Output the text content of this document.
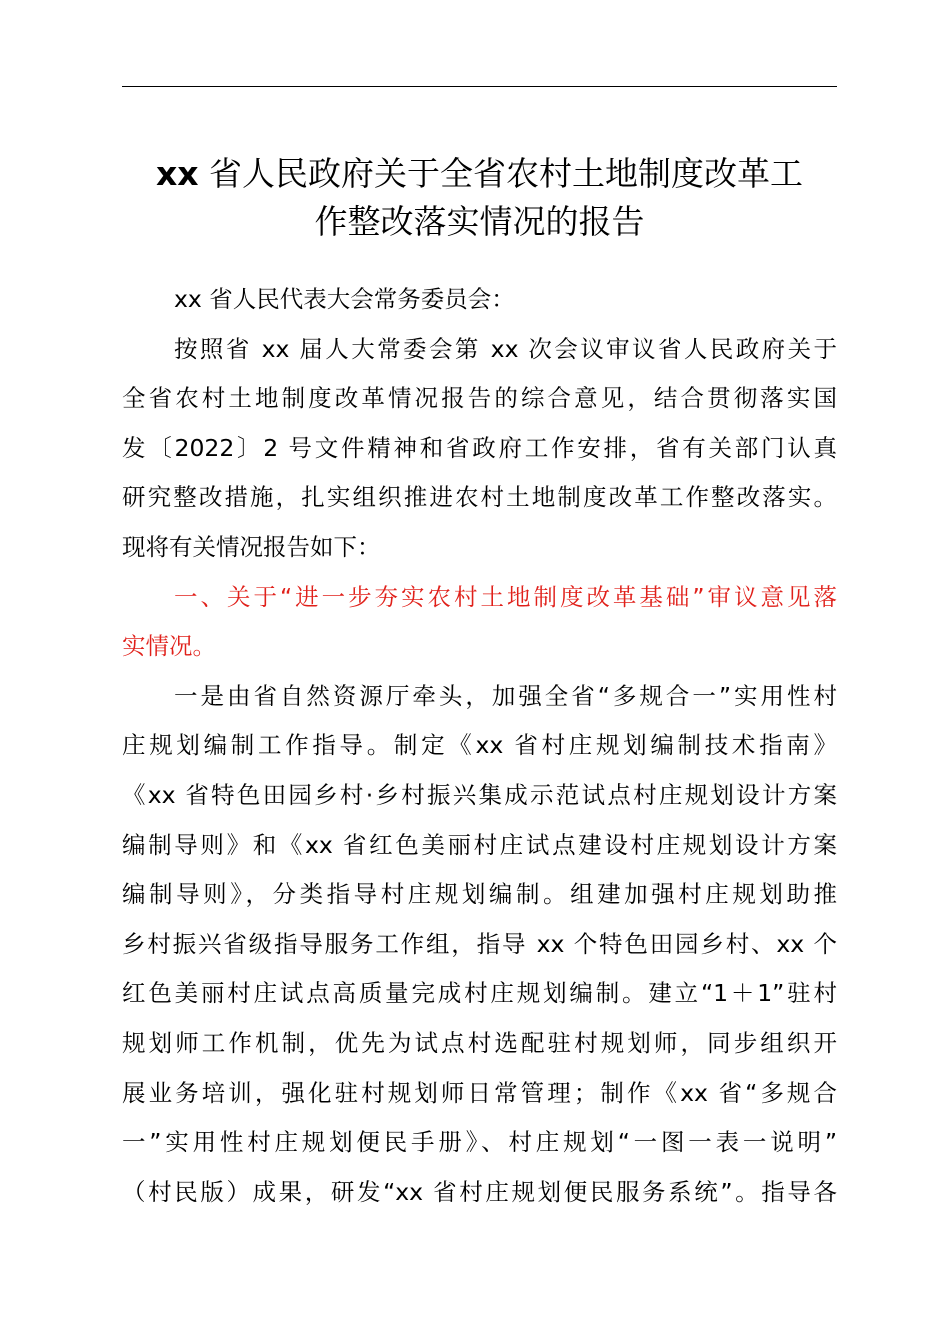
xx 省人民政府关于全省农村土地制度改革工
作整改落实情况的报告
xx 省人民代表大会常务委员会：
按照省 xx 届人大常委会第 xx 次会议审议省人民政府关于
全省农村土地制度改革情况报告的综合意见，结合贯彻落实国
发〔2022〕2 号文件精神和省政府工作安排，省有关部门认真
研究整改措施，扎实组织推进农村土地制度改革工作整改落实。
现将有关情况报告如下：
一、关于“进一步夯实农村土地制度改革基础”审议意见落
实情况。
一是由省自然资源厅牵头，加强全省“多规合一”实用性村
庄规划编制工作指导。制定《xx 省村庄规划编制技术指南》
《xx 省特色田园乡村·乡村振兴集成示范试点村庄规划设计方案
编制导则》和《xx 省红色美丽村庄试点建设村庄规划设计方案
编制导则》，分类指导村庄规划编制。组建加强村庄规划助推
乡村振兴省级指导服务工作组，指导 xx 个特色田园乡村、xx 个
红色美丽村庄试点高质量完成村庄规划编制。建立“1＋1”驻村
规划师工作机制，优先为试点村选配驻村规划师，同步组织开
展业务培训，强化驻村规划师日常管理；制作《xx 省“多规合
一”实用性村庄规划便民手册》、村庄规划“一图一表一说明”
（村民版）成果，研发“xx 省村庄规划便民服务系统”。指导各
